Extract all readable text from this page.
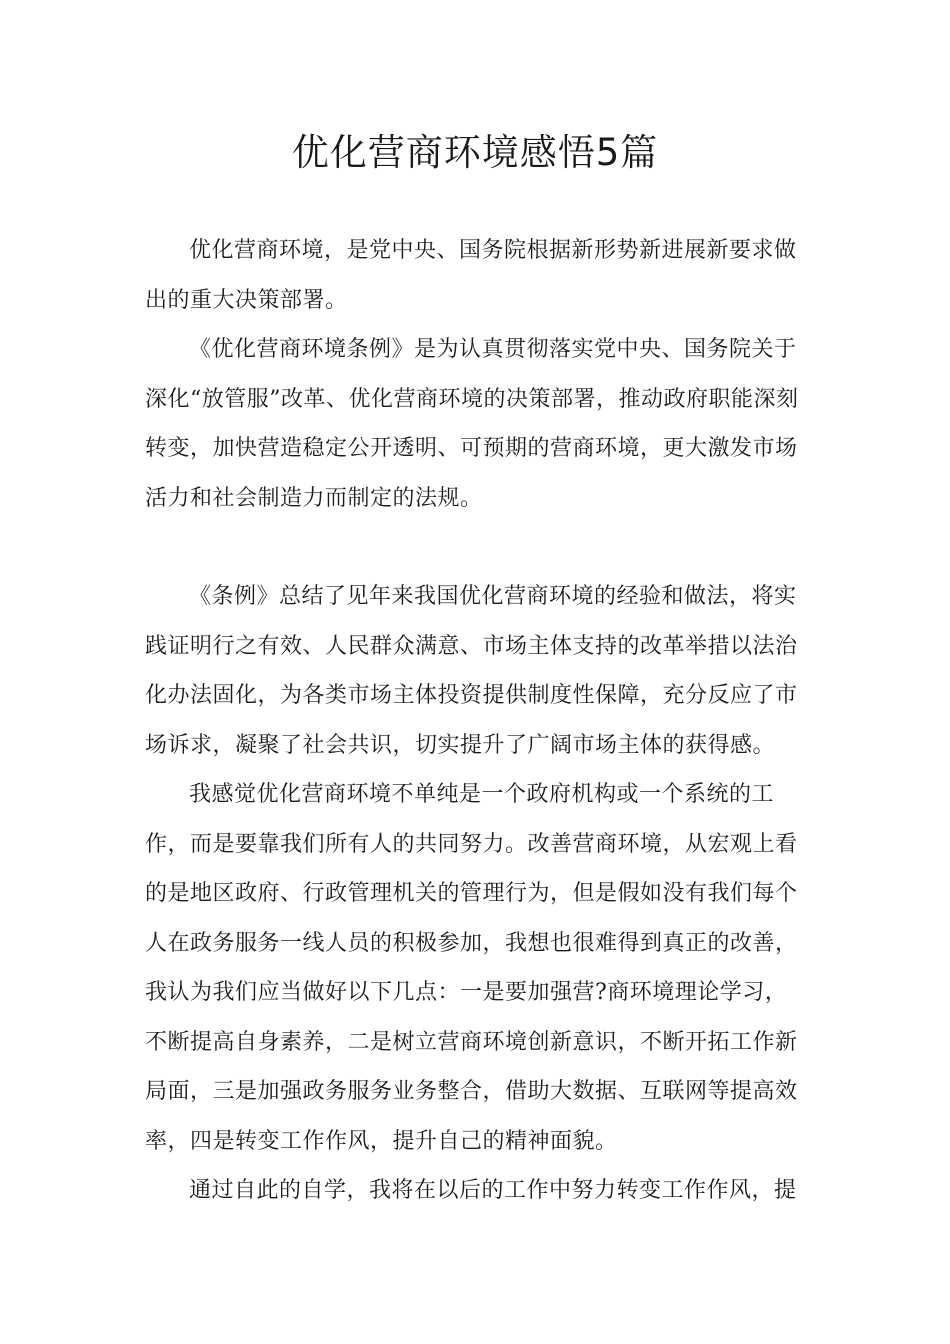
优化营商环境感悟5篇

优化营商环境，是党中央、国务院根据新形势新进展新要求做出的重大决策部署。

《优化营商环境条例》是为认真贯彻落实党中央、国务院关于深化“放管服”改革、优化营商环境的决策部署，推动政府职能深刻转变，加快营造稳定公开透明、可预期的营商环境，更大激发市场活力和社会制造力而制定的法规。

《条例》总结了见年来我国优化营商环境的经验和做法，将实践证明行之有效、人民群众满意、市场主体支持的改革举措以法治化办法固化，为各类市场主体投资提供制度性保障，充分反应了市场诉求，凝聚了社会共识，切实提升了广阔市场主体的获得感。

我感觉优化营商环境不单纯是一个政府机构或一个系统的工作，而是要靠我们所有人的共同努力。改善营商环境，从宏观上看的是地区政府、行政管理机关的管理行为，但是假如没有我们每个人在政务服务一线人员的积极参加，我想也很难得到真正的改善，我认为我们应当做好以下几点：一是要加强营?商环境理论学习，不断提高自身素养，二是树立营商环境创新意识，不断开拓工作新局面，三是加强政务服务业务整合，借助大数据、互联网等提高效率，四是转变工作作风，提升自己的精神面貌。

通过自此的自学，我将在以后的工作中努力转变工作作风，提
